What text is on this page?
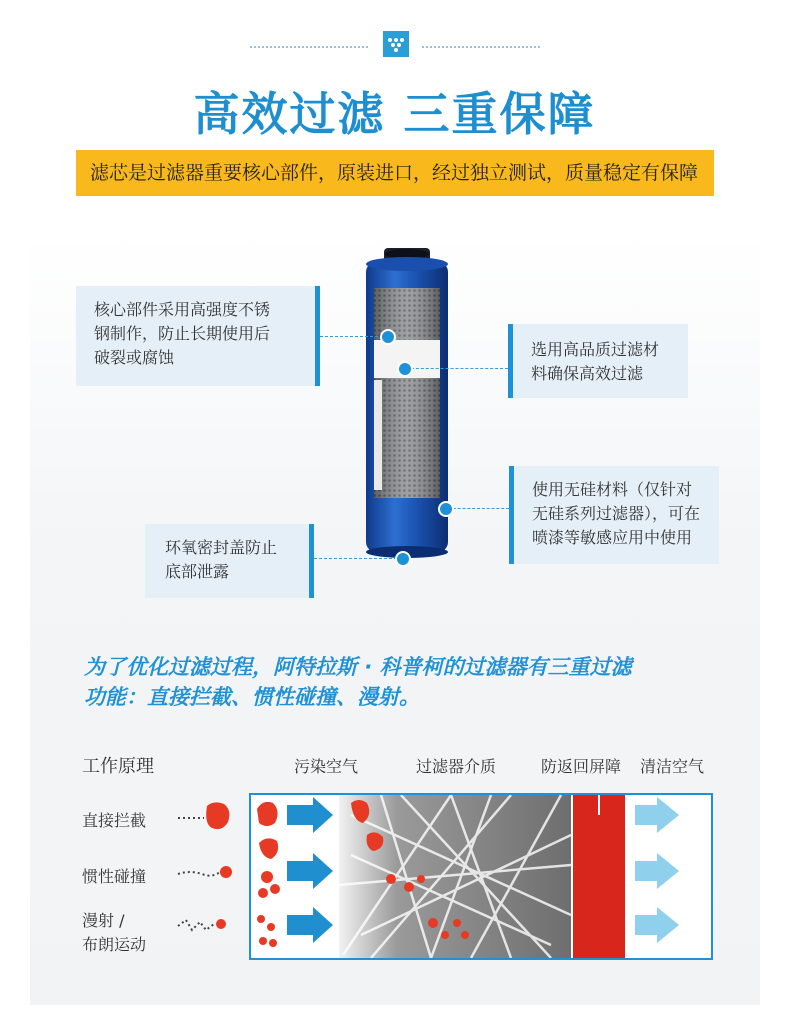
高效过滤 三重保障
滤芯是过滤器重要核心部件，原装进口，经过独立测试，质量稳定有保障
核心部件采用高强度不锈
钢制作，防止长期使用后
破裂或腐蚀	选用高品质过滤材
料确保高效过滤
使用无硅材料（仅针对
无硅系列过滤器），可在
喷漆等敏感应用中使用
环氧密封盖防止
底部泄露
为了优化过滤过程，阿特拉斯 · 科普柯的过滤器有三重过滤
功能：直接拦截、惯性碰撞、漫射。
工作原理	污染空气	过滤器介质	防返回屏障 清洁空气
直接拦截
惯性碰撞
漫射 /
布朗运动
